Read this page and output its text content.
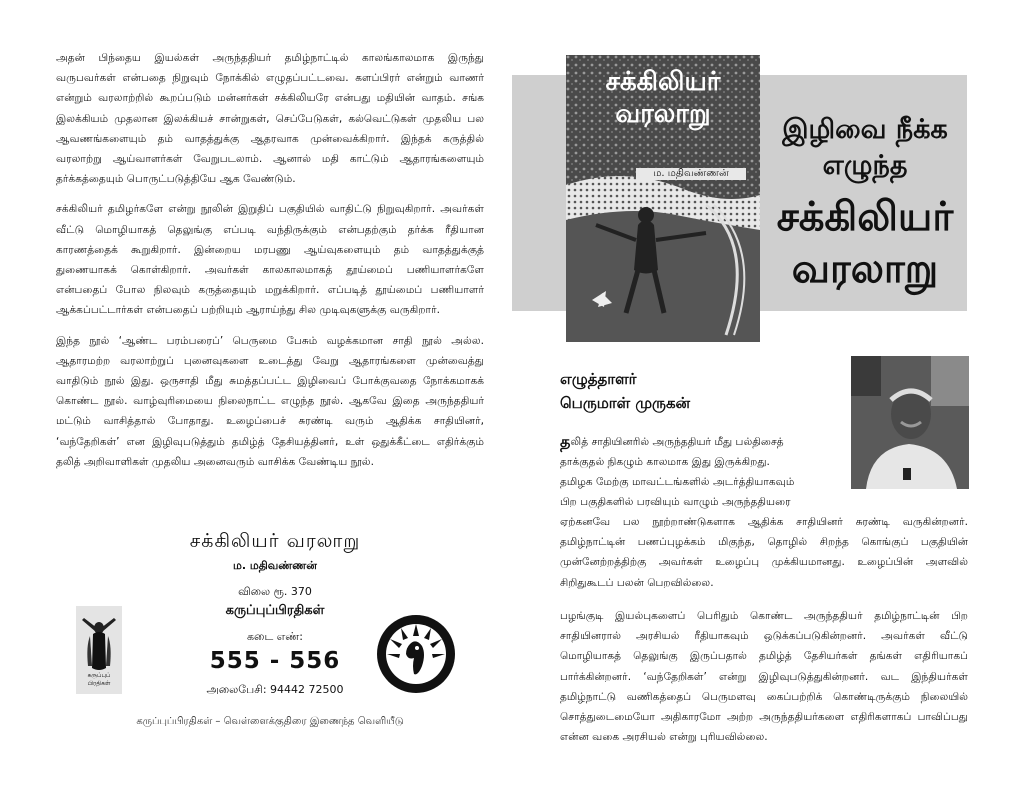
அதன் பிந்தைய இயல்கள் அருந்ததியர் தமிழ்நாட்டில் காலங்காலமாக இருந்து வருபவர்கள் என்பதை நிறுவும் நோக்கில் எழுதப்பட்டவை. களப்பிரர் என்றும் வாணர் என்றும் வரலாற்றில் கூறப்படும் மன்னர்கள் சக்கிலியரே என்பது மதியின் வாதம். சங்க இலக்கியம் முதலான இலக்கியச் சான்றுகள், செப்பேடுகள், கல்வெட்டுகள் முதலிய பல ஆவணங்களையும் தம் வாதத்துக்கு ஆதரவாக முன்வைக்கிறார். இந்தக் கருத்தில் வரலாற்று ஆய்வாளர்கள் வேறுபடலாம். ஆனால் மதி காட்டும் ஆதாரங்களையும் தர்க்கத்தையும் பொருட்படுத்தியே ஆக வேண்டும்.

சக்கிலியர் தமிழர்களே என்று நூலின் இறுதிப் பகுதியில் வாதிட்டு நிறுவுகிறார். அவர்கள் வீட்டு மொழியாகத் தெலுங்கு எப்படி வந்திருக்கும் என்பதற்கும் தர்க்க ரீதியான காரணத்தைக் கூறுகிறார். இன்றைய மரபணு ஆய்வுகளையும் தம் வாதத்துக்குத் துணையாகக் கொள்கிறார். அவர்கள் காலகாலமாகத் தூய்மைப் பணியாளர்களே என்பதைப் போல நிலவும் கருத்தையும் மறுக்கிறார். எப்படித் தூய்மைப் பணியாளர் ஆக்கப்பட்டார்கள் என்பதைப் பற்றியும் ஆராய்ந்து சில முடிவுகளுக்கு வருகிறார்.

இந்த நூல் ‘ஆண்ட பரம்பரைப்’ பெருமை பேசும் வழக்கமான சாதி நூல் அல்ல. ஆதாரமற்ற வரலாற்றுப் புனைவுகளை உடைத்து வேறு ஆதாரங்களை முன்வைத்து வாதிடும் நூல் இது. ஒருசாதி மீது சுமத்தப்பட்ட இழிவைப் போக்குவதை நோக்கமாகக் கொண்ட நூல். வாழ்வுரிமையை நிலைநாட்ட எழுந்த நூல். ஆகவே இதை அருந்ததியர் மட்டும் வாசித்தால் போதாது. உழைப்பைச் சுரண்டி வரும் ஆதிக்க சாதியினர், ‘வந்தேறிகள்’ என இழிவுபடுத்தும் தமிழ்த் தேசியத்தினர், உள் ஒதுக்கீட்டை எதிர்க்கும் தலித் அறிவாளிகள் முதலிய அனைவரும் வாசிக்க வேண்டிய நூல்.

சக்கிலியர் வரலாறு
ம. மதிவண்ணன்
விலை ரூ. 370
கருப்புப்பிரதிகள்
கடை எண்:
555 - 556
அலைபேசி: 94442 72500
கருப்புப் பிரதிகள்
கருப்புப்பிரதிகள் – வெள்ளைக்குதிரை இணைந்த வெளியீடு
சக்கிலியர்
வரலாறு
ம. மதிவண்ணன்
இழிவை நீக்க
எழுந்த
சக்கிலியர்
வரலாறு
எழுத்தாளர்
பெருமாள் முருகன்
த லித் சாதியினரில் அருந்ததியர் மீது பல்திசைத்
தாக்குதல் நிகழும் காலமாக இது இருக்கிறது.
தமிழக மேற்கு மாவட்டங்களில் அடர்த்தியாகவும்
பிற பகுதிகளில் பரவியும் வாழும் அருந்ததியரை

ஏற்கனவே பல நூற்றாண்டுகளாக ஆதிக்க சாதியினர் சுரண்டி வருகின்றனர். தமிழ்நாட்டின் பணப்புழக்கம் மிகுந்த, தொழில் சிறந்த கொங்குப் பகுதியின் முன்னேற்றத்திற்கு அவர்கள் உழைப்பு முக்கியமானது. உழைப்பின் அளவில் சிறிதுகூடப் பலன் பெறவில்லை.

பழங்குடி இயல்புகளைப் பெரிதும் கொண்ட அருந்ததியர் தமிழ்நாட்டின் பிற சாதியினரால் அரசியல் ரீதியாகவும் ஒடுக்கப்படுகின்றனர். அவர்கள் வீட்டு மொழியாகத் தெலுங்கு இருப்பதால் தமிழ்த் தேசியர்கள் தங்கள் எதிரியாகப் பார்க்கின்றனர். ‘வந்தேறிகள்’ என்று இழிவுபடுத்துகின்றனர். வட இந்தியர்கள் தமிழ்நாட்டு வணிகத்தைப் பெருமளவு கைப்பற்றிக் கொண்டிருக்கும் நிலையில் சொத்துடைமையோ அதிகாரமோ அற்ற அருந்ததியர்களை எதிரிகளாகப் பாவிப்பது என்ன வகை அரசியல் என்று புரியவில்லை.
